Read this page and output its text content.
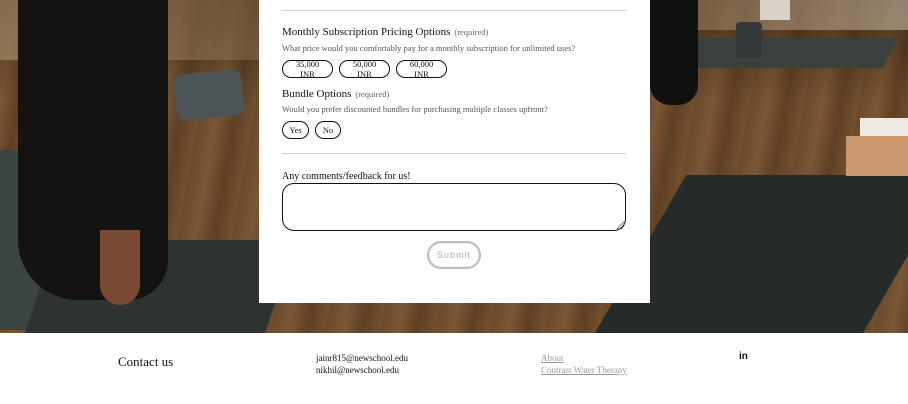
Monthly Subscription Pricing Options (required)
What price would you comfortably pay for a monthly subscription for unlimited uses?
35,000 INR
50,000 INR
60,000 INR
Bundle Options (required)
Would you prefer discounted bundles for purchasing multiple classes upfront?
Yes	No
Any comments/feedback for us!
Submit
Contact us	jainr815@newschool.edu
nikhil@newschool.edu
About
Contrast Water Therapy
in
